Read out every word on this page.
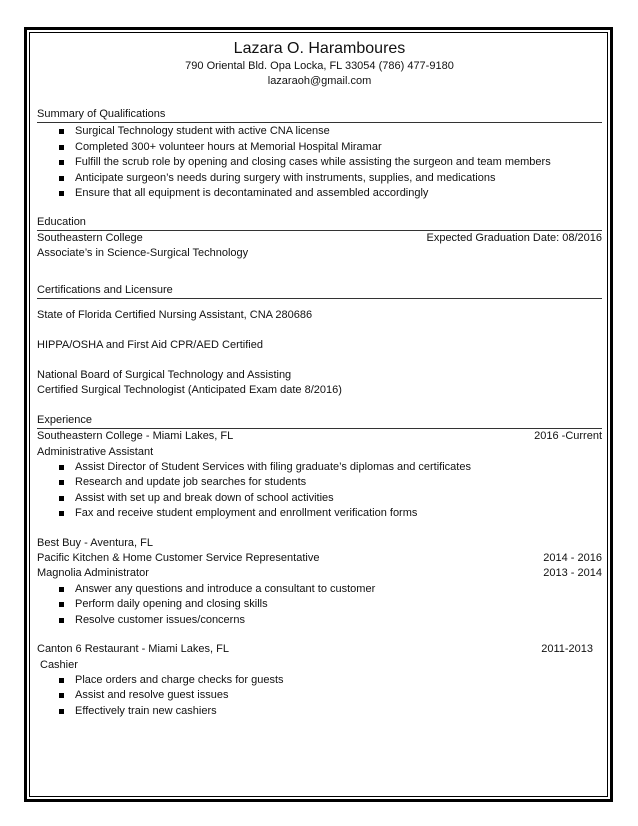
Lazara O. Haramboures
790 Oriental Bld. Opa Locka, FL 33054 (786) 477-9180
lazaraoh@gmail.com
Summary of Qualifications
Surgical Technology student with active CNA license
Completed 300+ volunteer hours at Memorial Hospital Miramar
Fulfill the scrub role by opening and closing cases while assisting the surgeon and team members
Anticipate surgeon’s needs during surgery with instruments, supplies, and medications
Ensure that all equipment is decontaminated and assembled accordingly
Education
Southeastern College	Expected Graduation Date: 08/2016
Associate’s in Science-Surgical Technology
Certifications and Licensure
State of Florida Certified Nursing Assistant, CNA 280686
HIPPA/OSHA and First Aid CPR/AED Certified
National Board of Surgical Technology and Assisting
Certified Surgical Technologist (Anticipated Exam date 8/2016)
Experience
Southeastern College - Miami Lakes, FL	2016 -Current
Administrative Assistant
Assist Director of Student Services with filing graduate’s diplomas and certificates
Research and update job searches for students
Assist with set up and break down of school activities
Fax and receive student employment and enrollment verification forms
Best Buy - Aventura, FL
Pacific Kitchen & Home Customer Service Representative	2014 - 2016
Magnolia Administrator	2013 - 2014
Answer any questions and introduce a consultant to customer
Perform daily opening and closing skills
Resolve customer issues/concerns
Canton 6 Restaurant - Miami Lakes, FL	2011-2013
Cashier
Place orders and charge checks for guests
Assist and resolve guest issues
Effectively train new cashiers
